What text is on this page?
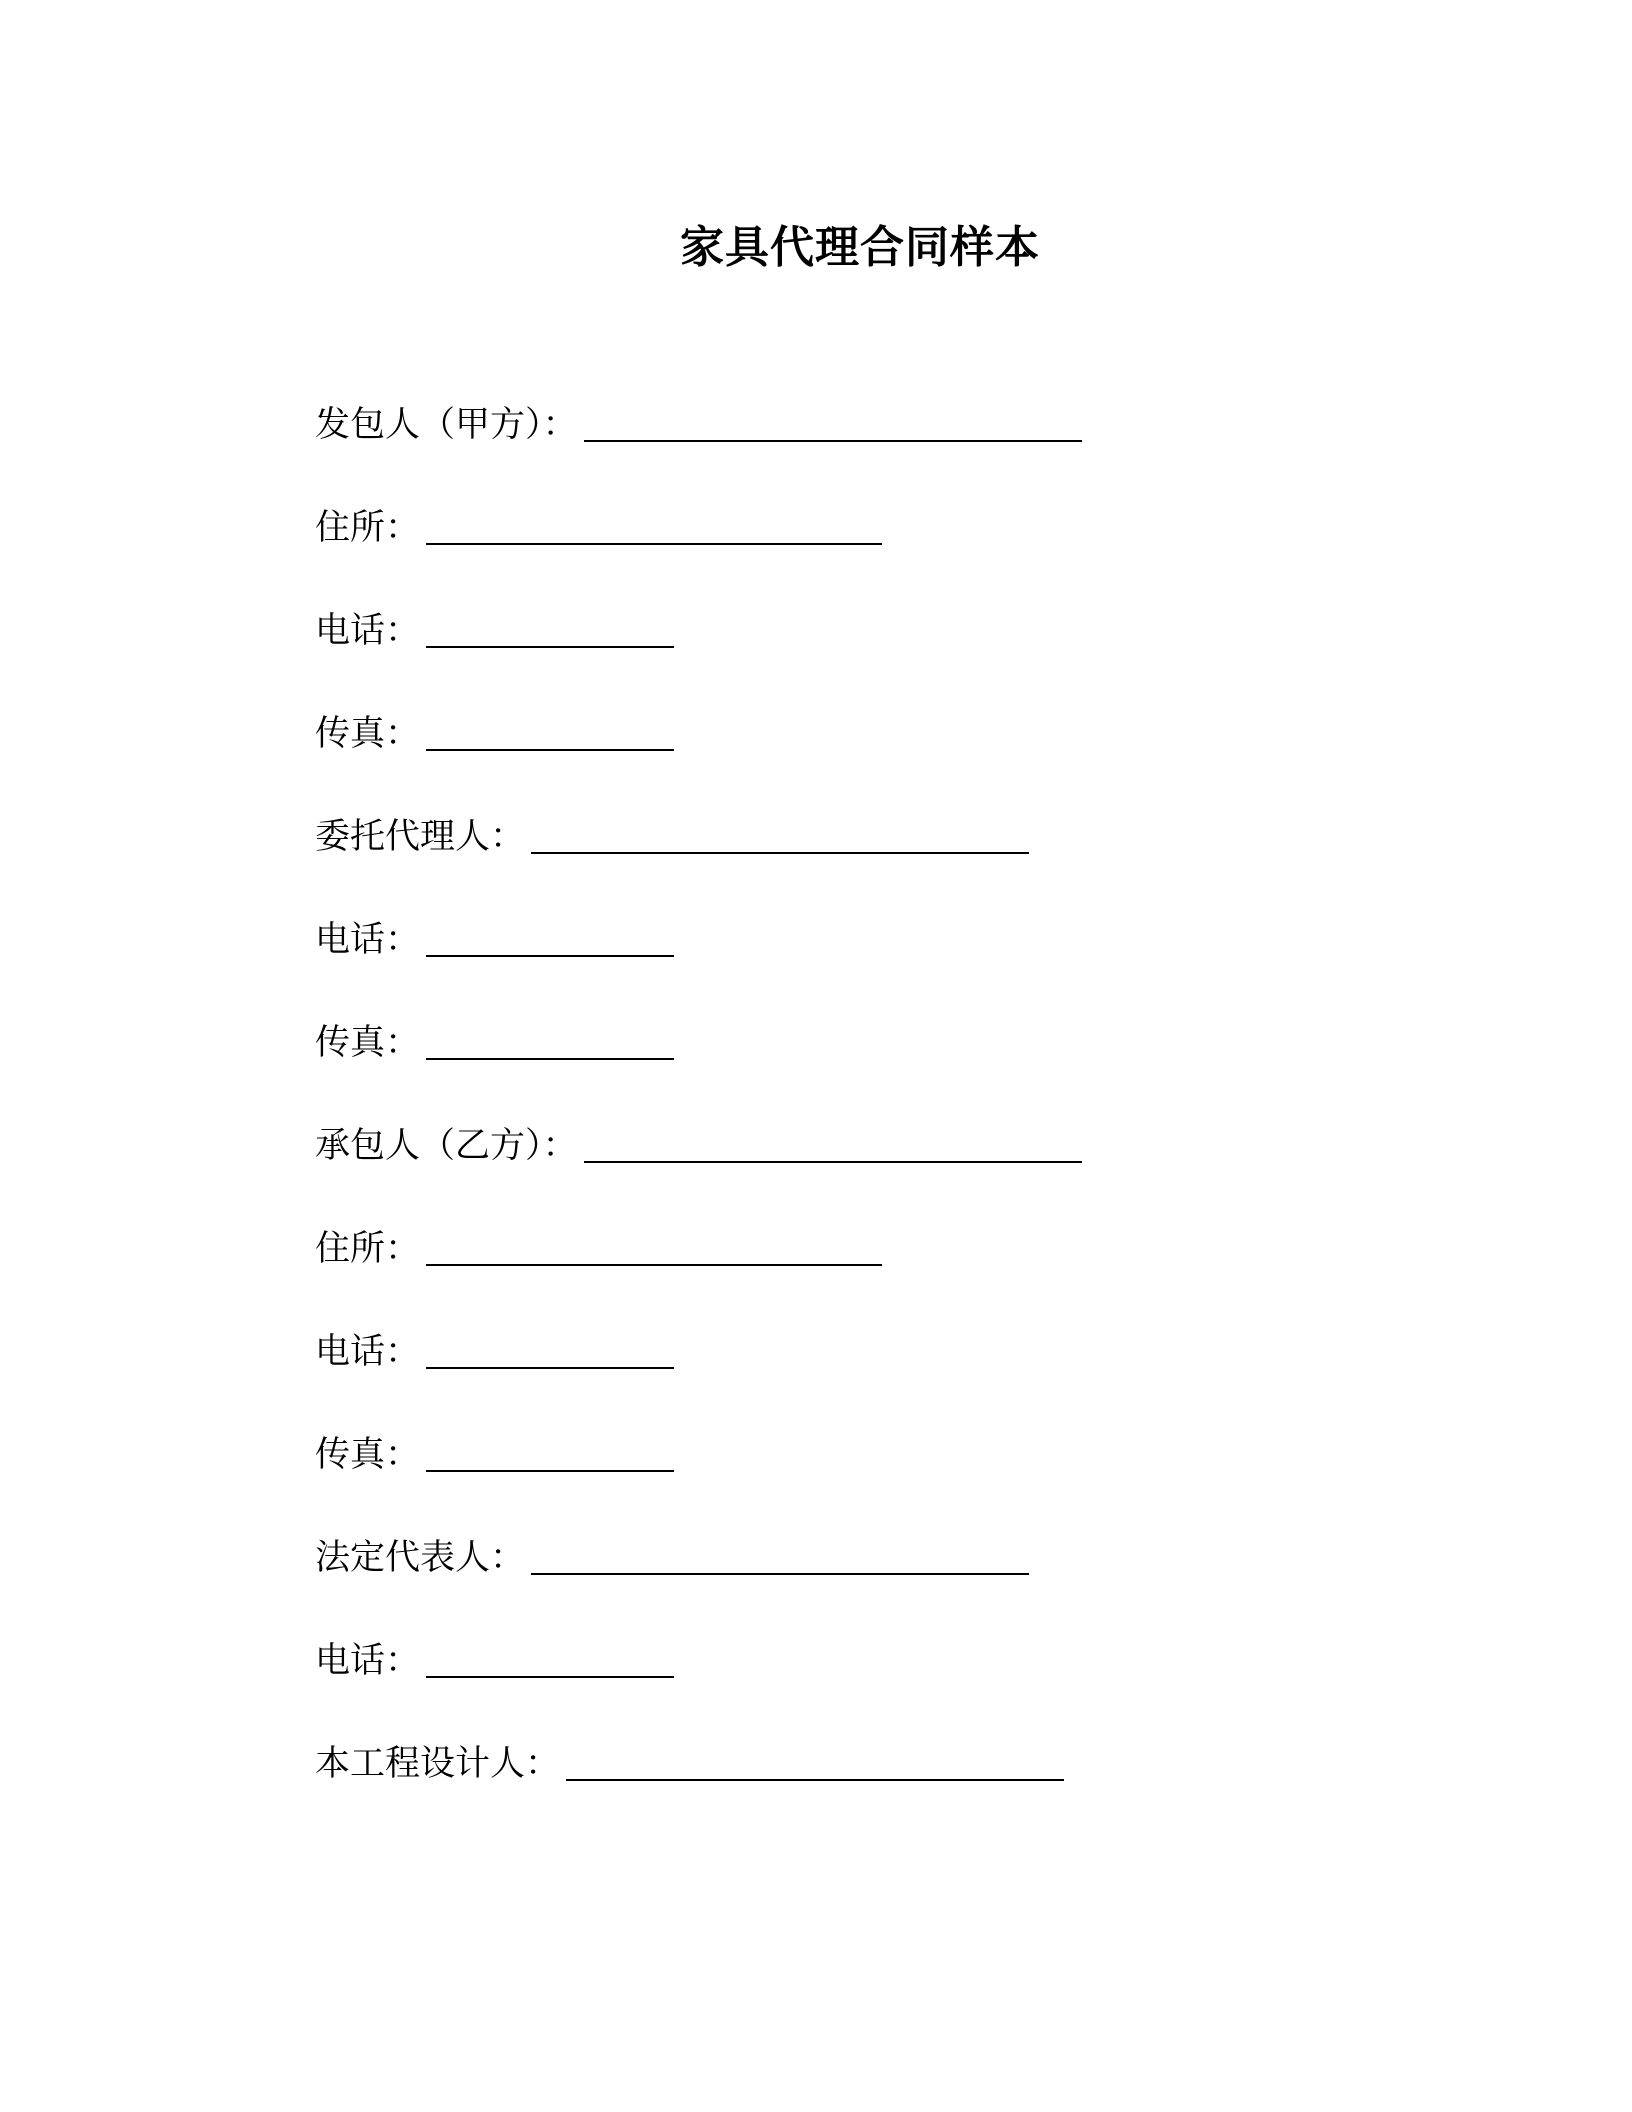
家具代理合同样本
发包人（甲方）：
住所：
电话：
传真：
委托代理人：
电话：
传真：
承包人（乙方）：
住所：
电话：
传真：
法定代表人：
电话：
本工程设计人：
